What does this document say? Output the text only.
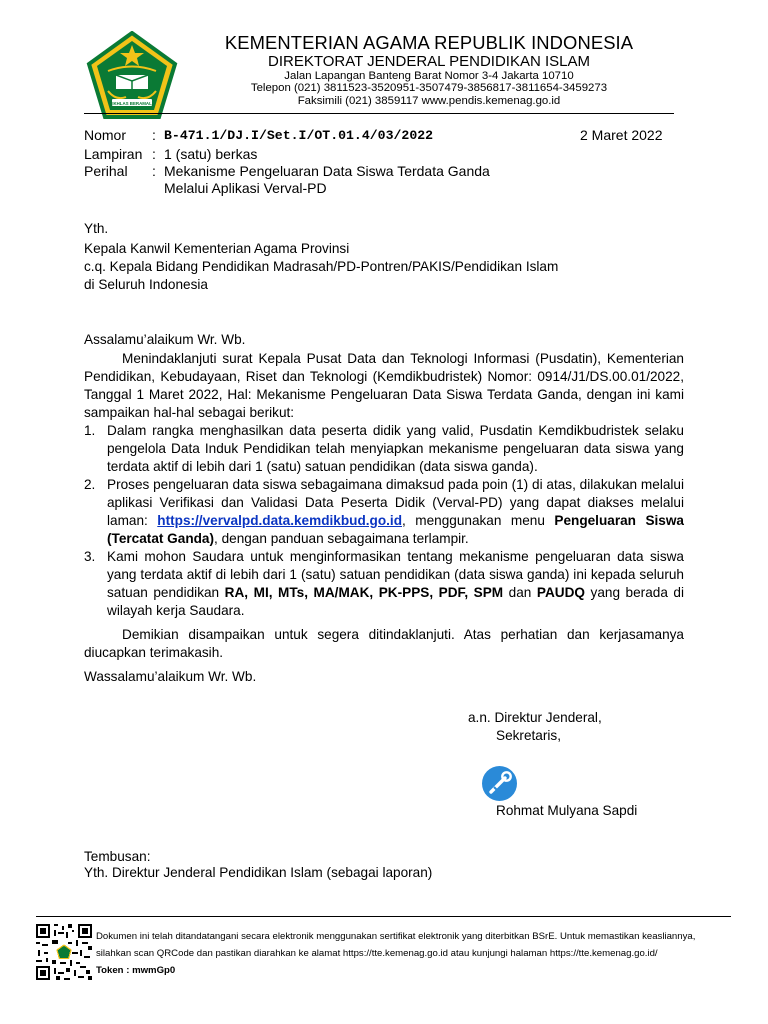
IKHLAS BERAMAL
KEMENTERIAN AGAMA REPUBLIK INDONESIA
DIREKTORAT JENDERAL PENDIDIKAN ISLAM
Jalan Lapangan Banteng Barat Nomor 3-4 Jakarta 10710
Telepon (021) 3811523-3520951-3507479-3856817-3811654-3459273
Faksimili (021) 3859117 www.pendis.kemenag.go.id
Nomor : B-471.1/DJ.I/Set.I/OT.01.4/03/2022	2 Maret 2022
Lampiran : 1 (satu) berkas
Perihal : Mekanisme Pengeluaran Data Siswa Terdata Ganda
Melalui Aplikasi Verval-PD
Yth.
Kepala Kanwil Kementerian Agama Provinsi
c.q. Kepala Bidang Pendidikan Madrasah/PD-Pontren/PAKIS/Pendidikan Islam
di Seluruh Indonesia
Assalamu’alaikum Wr. Wb.
Menindaklanjuti surat Kepala Pusat Data dan Teknologi Informasi (Pusdatin), Kementerian
Pendidikan, Kebudayaan, Riset dan Teknologi (Kemdikbudristek) Nomor: 0914/J1/DS.00.01/2022,
Tanggal 1 Maret 2022, Hal: Mekanisme Pengeluaran Data Siswa Terdata Ganda, dengan ini kami
sampaikan hal-hal sebagai berikut:
1. Dalam rangka menghasilkan data peserta didik yang valid, Pusdatin Kemdikbudristek selaku
pengelola Data Induk Pendidikan telah menyiapkan mekanisme pengeluaran data siswa yang
terdata aktif di lebih dari 1 (satu) satuan pendidikan (data siswa ganda).
2. Proses pengeluaran data siswa sebagaimana dimaksud pada poin (1) di atas, dilakukan melalui
aplikasi Verifikasi dan Validasi Data Peserta Didik (Verval-PD) yang dapat diakses melalui
laman: https://vervalpd.data.kemdikbud.go.id, menggunakan menu Pengeluaran Siswa
(Tercatat Ganda), dengan panduan sebagaimana terlampir.
3. Kami mohon Saudara untuk menginformasikan tentang mekanisme pengeluaran data siswa
yang terdata aktif di lebih dari 1 (satu) satuan pendidikan (data siswa ganda) ini kepada seluruh
satuan pendidikan RA, MI, MTs, MA/MAK, PK-PPS, PDF, SPM dan PAUDQ yang berada di
wilayah kerja Saudara.
Demikian disampaikan untuk segera ditindaklanjuti. Atas perhatian dan kerjasamanya
diucapkan terimakasih.
Wassalamu’alaikum Wr. Wb.
a.n. Direktur Jenderal,
Sekretaris,
Rohmat Mulyana Sapdi
Tembusan:
Yth. Direktur Jenderal Pendidikan Islam (sebagai laporan)
Dokumen ini telah ditandatangani secara elektronik menggunakan sertifikat elektronik yang diterbitkan BSrE. Untuk memastikan keasliannya,
silahkan scan QRCode dan pastikan diarahkan ke alamat https://tte.kemenag.go.id atau kunjungi halaman https://tte.kemenag.go.id/
Token : mwmGp0
